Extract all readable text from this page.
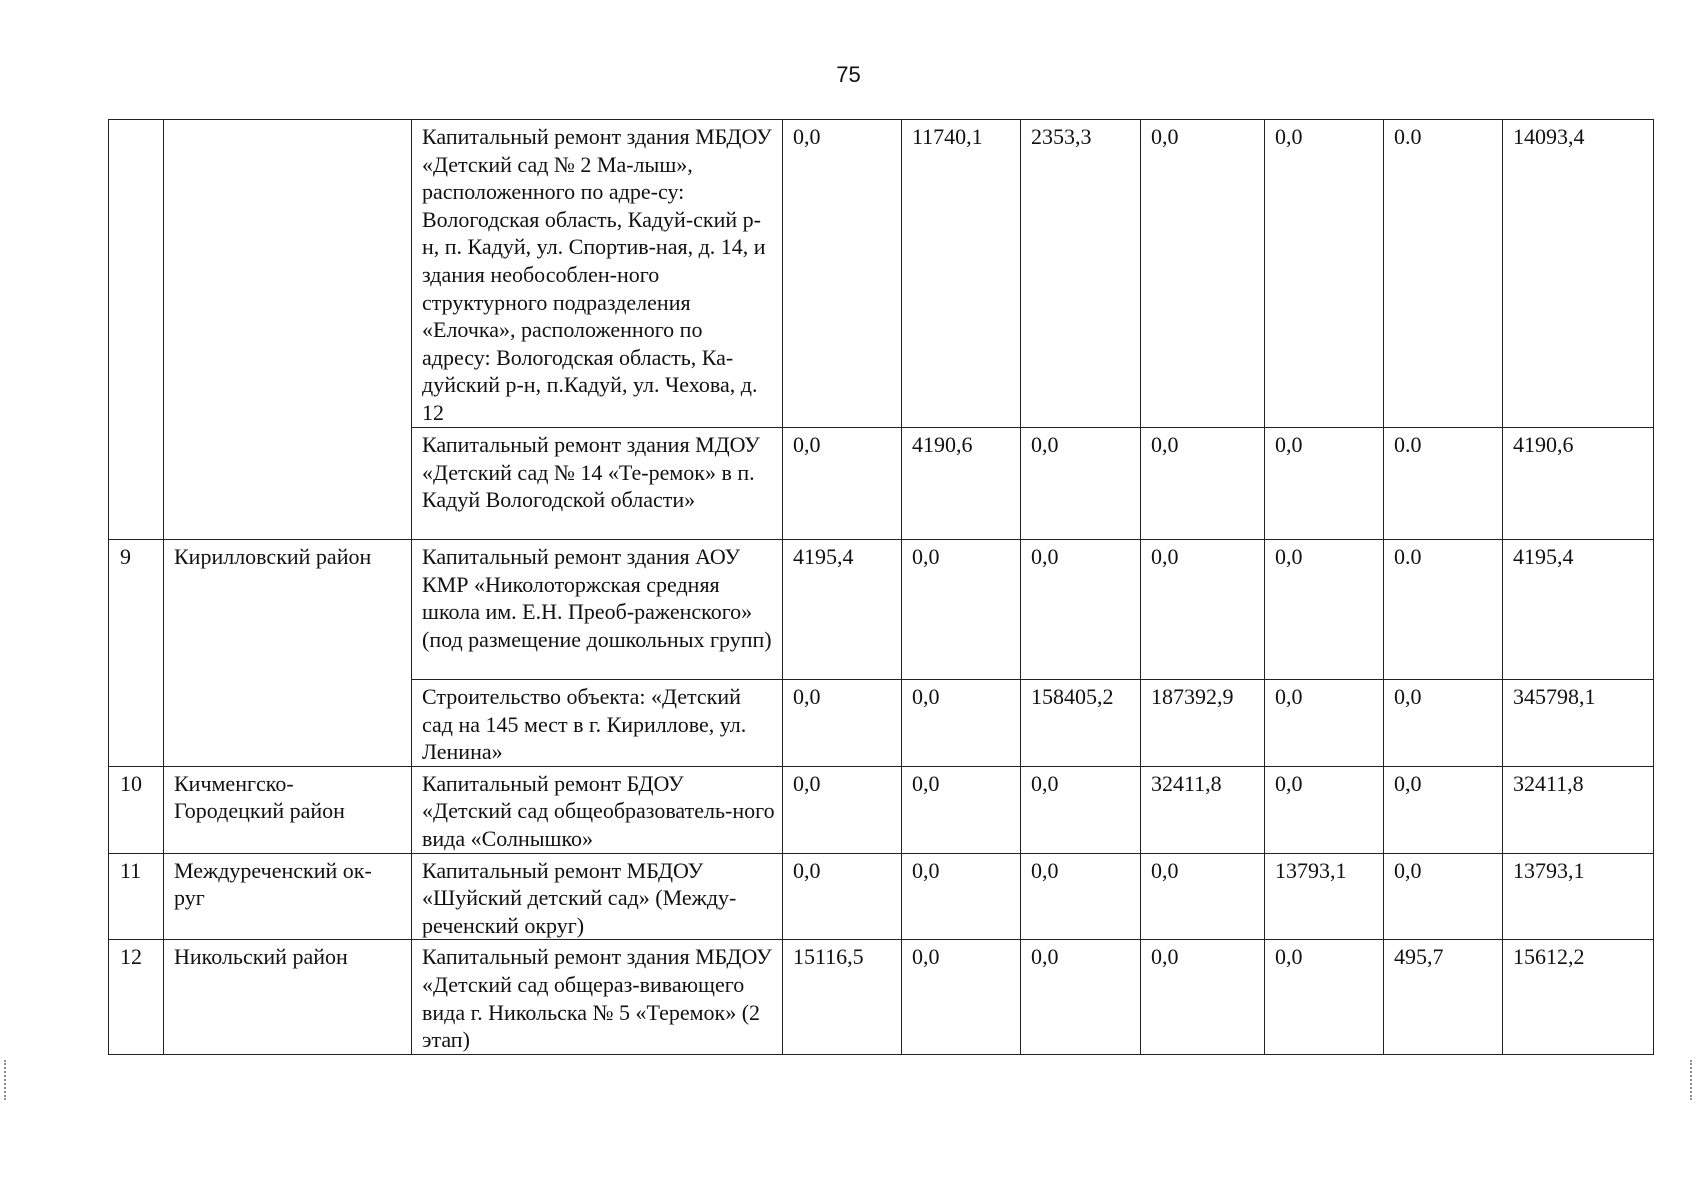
75
		Капитальный ремонт здания МБДОУ «Детский сад № 2 Ма-лыш», расположенного по адре-су: Вологодская область, Кадуй-ский р-н, п. Кадуй, ул. Спортив-ная, д. 14, и здания необособлен-ного структурного подразделения «Елочка», расположенного по адресу: Вологодская область, Ка-дуйский р-н, п.Кадуй, ул. Чехова, д. 12	0,0	11740,1	2353,3	0,0	0,0	0.0	14093,4
		Капитальный ремонт здания МДОУ «Детский сад № 14 «Те-ремок» в п. Кадуй Вологодской области»	0,0	4190,6	0,0	0,0	0,0	0.0	4190,6
9	Кирилловский район	Капитальный ремонт здания АОУ КМР «Николоторжская средняя школа им. Е.Н. Преоб-раженского» (под размещение дошкольных групп)	4195,4	0,0	0,0	0,0	0,0	0.0	4195,4
		Строительство объекта: «Детский сад на 145 мест в г. Кириллове, ул. Ленина»	0,0	0,0	158405,2	187392,9	0,0	0,0	345798,1
10	Кичменгско-Городецкий район	Капитальный ремонт БДОУ «Детский сад общеобразователь-ного вида «Солнышко»	0,0	0,0	0,0	32411,8	0,0	0,0	32411,8
11	Междуреченский ок-руг	Капитальный ремонт МБДОУ «Шуйский детский сад» (Между-реченский округ)	0,0	0,0	0,0	0,0	13793,1	0,0	13793,1
12	Никольский район	Капитальный ремонт здания МБДОУ «Детский сад общераз-вивающего вида г. Никольска № 5 «Теремок» (2 этап)	15116,5	0,0	0,0	0,0	0,0	495,7	15612,2
